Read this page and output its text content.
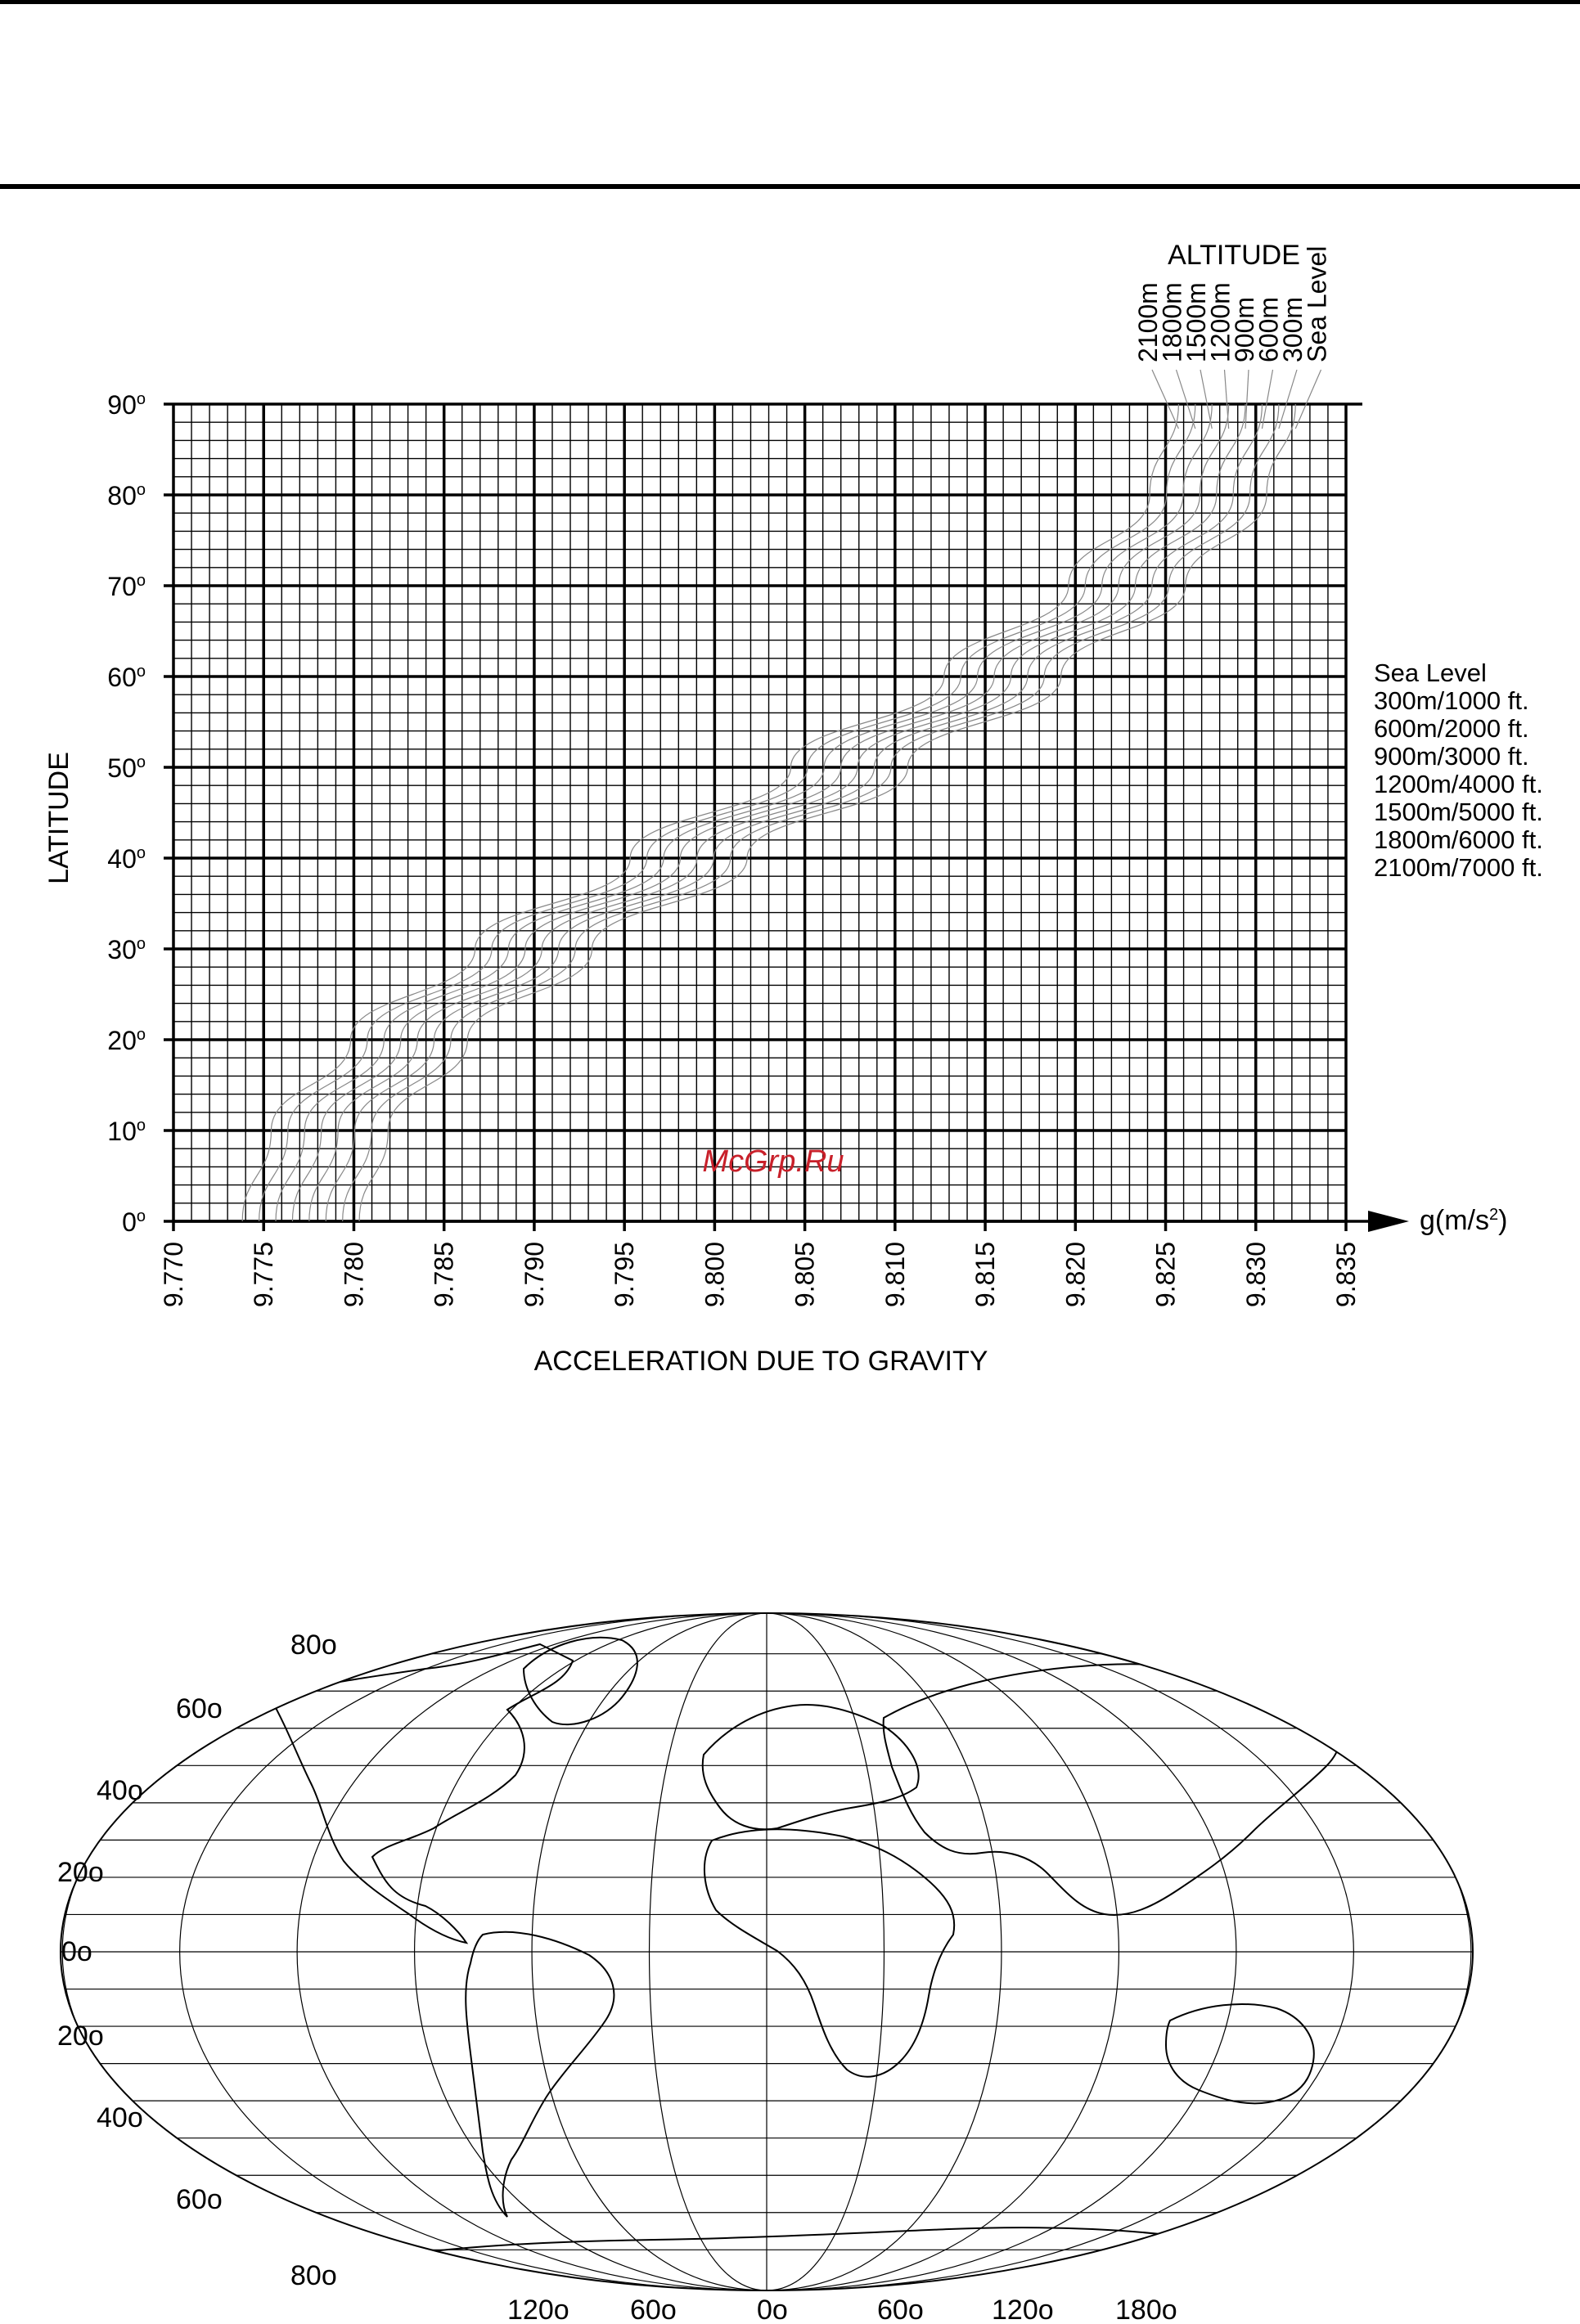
0$^o$
10$^o$
20$^o$
30$^o$
40$^o$
50$^o$
60$^o$
70$^o$
80$^o$
90$^o$
9.770 9.775 9.780 9.785 9.790 9.795 9.800 9.805 9.810 9.815 9.820 9.825 9.830 9.835
2100m
1800m
1500m
1200m
900m
600m
300m
Sea Level
Sea Level
300m/1000 ft.
600m/2000 ft.
900m/3000 ft.
1200m/4000 ft.
1500m/5000 ft.
1800m/6000 ft.
2100m/7000 ft.
ALTITUDE
LATITUDE
ACCELERATION DUE TO GRAVITY
$g(m/s^2)$
McGrp.Ru
80o
60o
40o
20o
0o
20o
40o
60o
80o
120o 60o	0o	60o 120o 180o
